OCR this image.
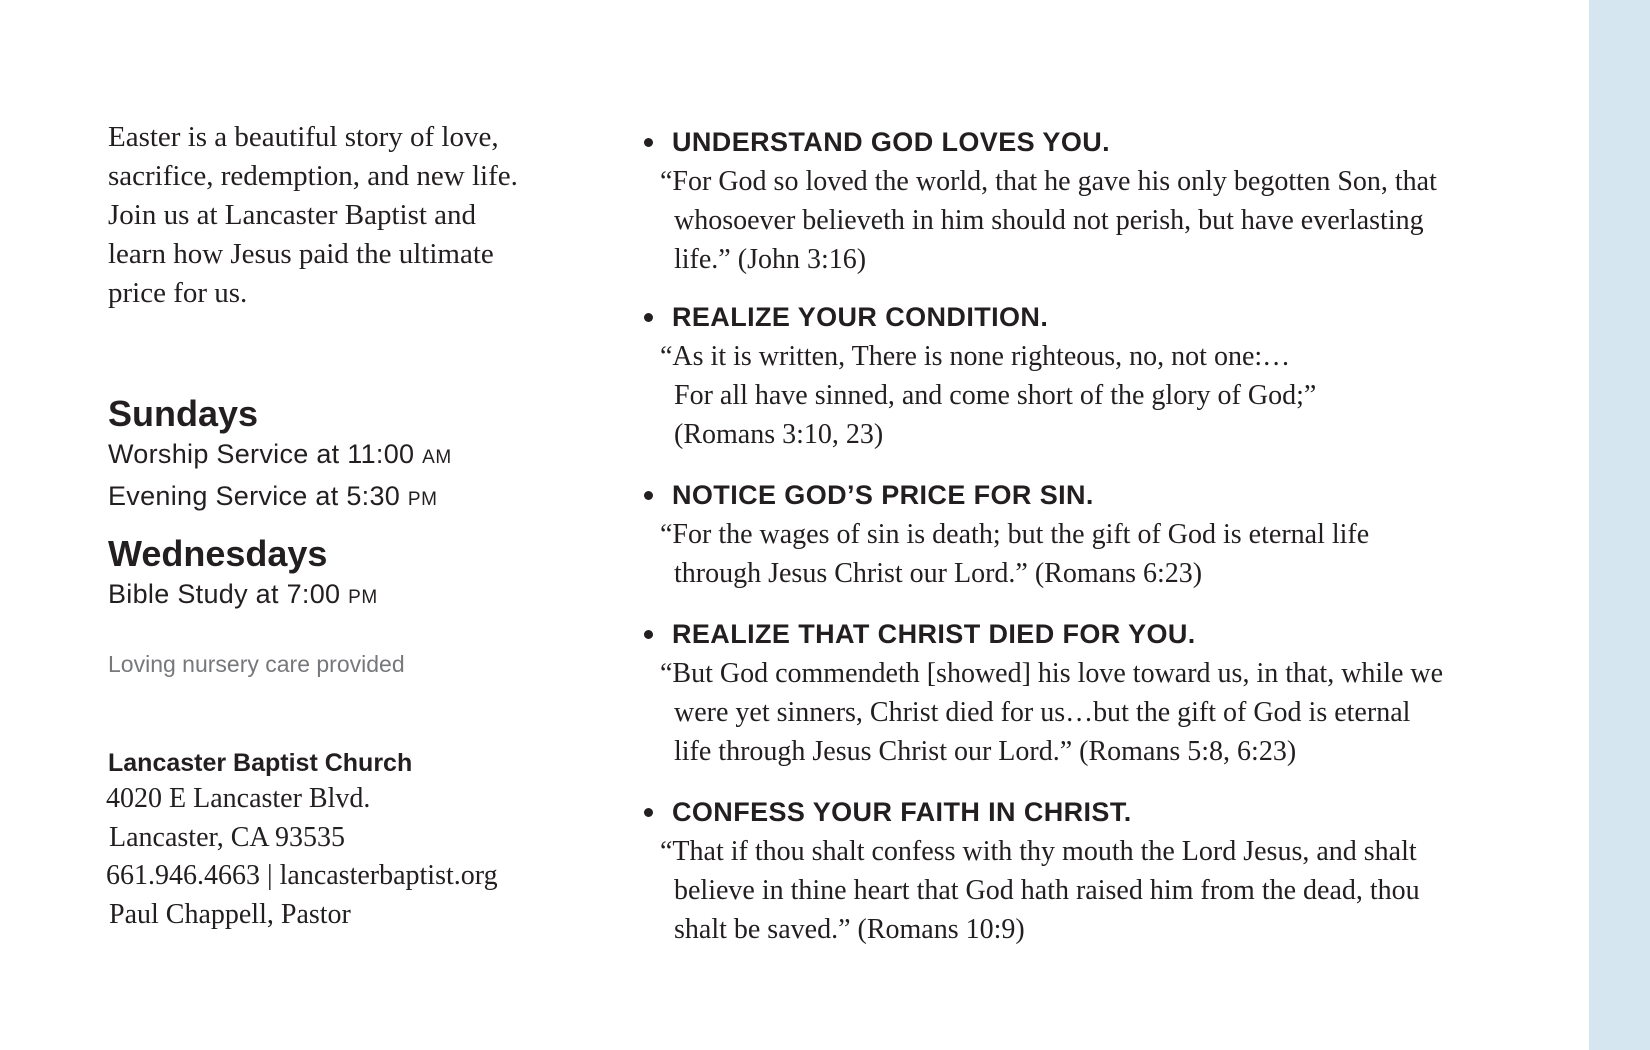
Easter is a beautiful story of love,
sacrifice, redemption, and new life.
Join us at Lancaster Baptist and
learn how Jesus paid the ultimate
price for us.

Sundays
Worship Service at 11:00 AM
Evening Service at 5:30 PM
Wednesdays
Bible Study at 7:00 PM
Loving nursery care provided
Lancaster Baptist Church
4020 E Lancaster Blvd.
Lancaster, CA 93535
661.946.4663 | lancasterbaptist.org
Paul Chappell, Pastor
UNDERSTAND GOD LOVES YOU.
“For God so loved the world, that he gave his only begotten Son, that
whosoever believeth in him should not perish, but have everlasting
life.” (John 3:16)
REALIZE YOUR CONDITION.
“As it is written, There is none righteous, no, not one:…
For all have sinned, and come short of the glory of God;”
(Romans 3:10, 23)
NOTICE GOD’S PRICE FOR SIN.
“For the wages of sin is death; but the gift of God is eternal life
through Jesus Christ our Lord.” (Romans 6:23)
REALIZE THAT CHRIST DIED FOR YOU.
“But God commendeth [showed] his love toward us, in that, while we
were yet sinners, Christ died for us…but the gift of God is eternal
life through Jesus Christ our Lord.” (Romans 5:8, 6:23)
CONFESS YOUR FAITH IN CHRIST.
“That if thou shalt confess with thy mouth the Lord Jesus, and shalt
believe in thine heart that God hath raised him from the dead, thou
shalt be saved.” (Romans 10:9)
